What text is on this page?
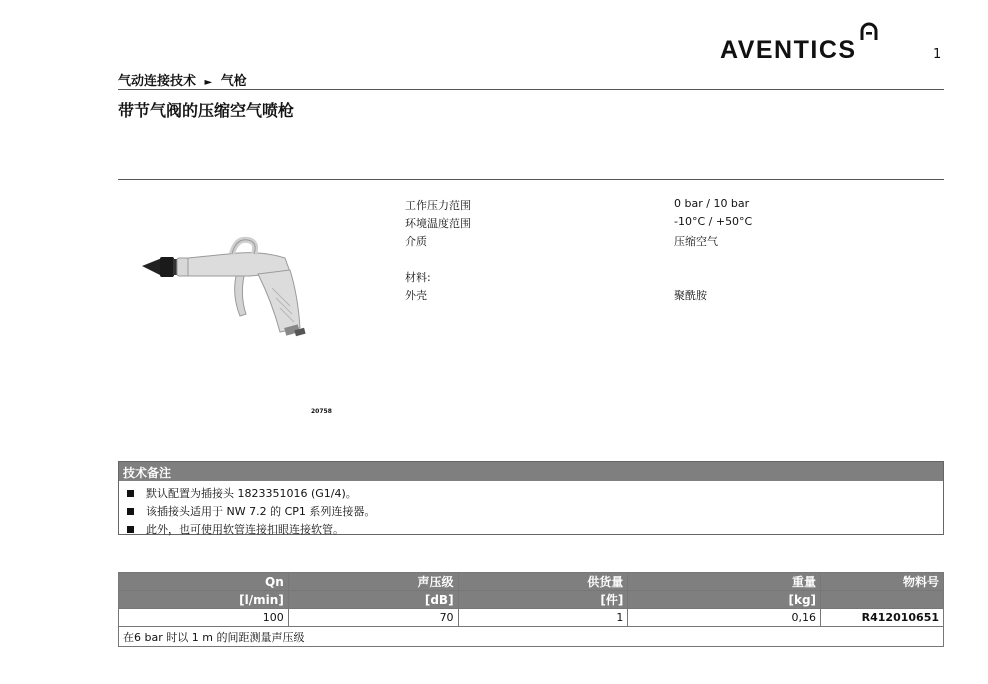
AVENTICS	1
气动连接技术 ► 气枪
带节气阀的压缩空气喷枪
20758
工作压力范围	0 bar / 10 bar
环境温度范围	-10°C / +50°C
介质	压缩空气
材料:
外壳	聚酰胺
技术备注
默认配置为插接头 1823351016 (G1/4)。
该插接头适用于 NW 7.2 的 CP1 系列连接器。
此外，也可使用软管连接扣眼连接软管。
Qn	声压级	供货量	重量	物料号
[l/min]	[dB]	[件]	[kg]	
100	70	1	0,16	R412010651
在6 bar 时以 1 m 的间距测量声压级				
